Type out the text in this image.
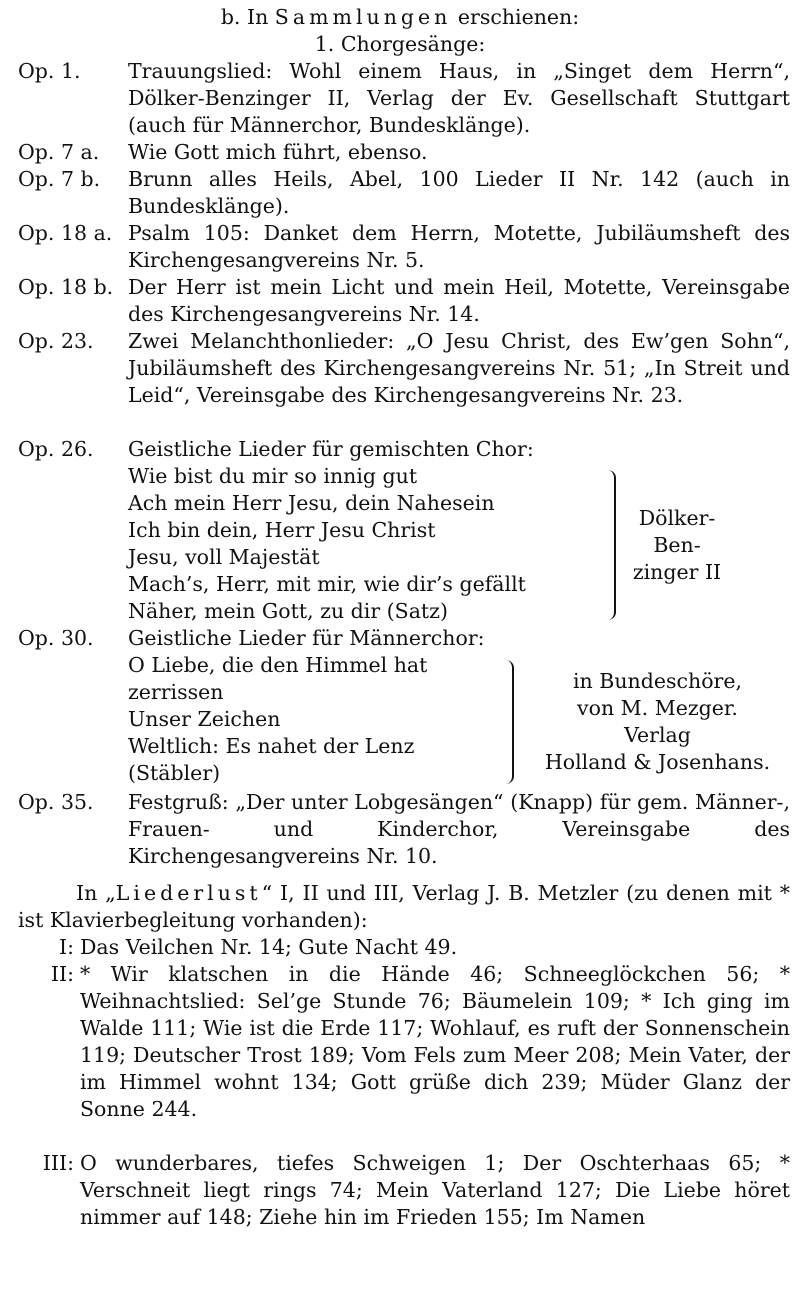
b. In Sammlungen erschienen:
1. Chorgesänge:
Op. 1.	Trauungslied: Wohl einem Haus, in „Singet dem Herrn“, Dölker-Benzinger II, Verlag der Ev. Gesellschaft Stuttgart (auch für Männerchor, Bundesklänge).
Op. 7 a.	Wie Gott mich führt, ebenso.
Op. 7 b.	Brunn alles Heils, Abel, 100 Lieder II Nr. 142 (auch in Bundesklänge).
Op. 18 a. Psalm 105: Danket dem Herrn, Motette, Jubiläumsheft des Kirchengesangvereins Nr. 5.
Op. 18 b. Der Herr ist mein Licht und mein Heil, Motette, Vereinsgabe des Kirchengesangvereins Nr. 14.
Op. 23.	Zwei Melanchthonlieder: „O Jesu Christ, des Ew’gen Sohn“, Jubiläumsheft des Kirchengesangvereins Nr. 51; „In Streit und Leid“, Vereinsgabe des Kirchengesangvereins Nr. 23.
Op. 26.	Geistliche Lieder für gemischten Chor:
Wie bist du mir so innig gut
Ach mein Herr Jesu, dein Nahesein
Ich bin dein, Herr Jesu Christ
Jesu, voll Majestät
Mach’s, Herr, mit mir, wie dir’s gefällt
Näher, mein Gott, zu dir (Satz)
Dölker-
Ben-
zinger II
Op. 30.	Geistliche Lieder für Männerchor:
O Liebe, die den Himmel hat
zerrissen
Unser Zeichen
Weltlich: Es nahet der Lenz
(Stäbler)
in Bundeschöre,
von M. Mezger.
Verlag
Holland & Josenhans.
Op. 35.	Festgruß: „Der unter Lobgesängen“ (Knapp) für gem. Männer-, Frauen- und Kinderchor, Vereinsgabe des Kirchengesangvereins Nr. 10.
In „Liederlust“ I, II und III, Verlag J. B. Metzler (zu denen mit * ist Klavierbegleitung vorhanden):
I: Das Veilchen Nr. 14; Gute Nacht 49.
II: * Wir klatschen in die Hände 46; Schneeglöckchen 56; * Weihnachtslied: Sel’ge Stunde 76; Bäumelein 109; * Ich ging im Walde 111; Wie ist die Erde 117; Wohlauf, es ruft der Sonnenschein 119; Deutscher Trost 189; Vom Fels zum Meer 208; Mein Vater, der im Himmel wohnt 134; Gott grüße dich 239; Müder Glanz der Sonne 244.
III: O wunderbares, tiefes Schweigen 1; Der Oschterhaas 65; * Verschneit liegt rings 74; Mein Vaterland 127; Die Liebe höret nimmer auf 148; Ziehe hin im Frieden 155; Im Namen
